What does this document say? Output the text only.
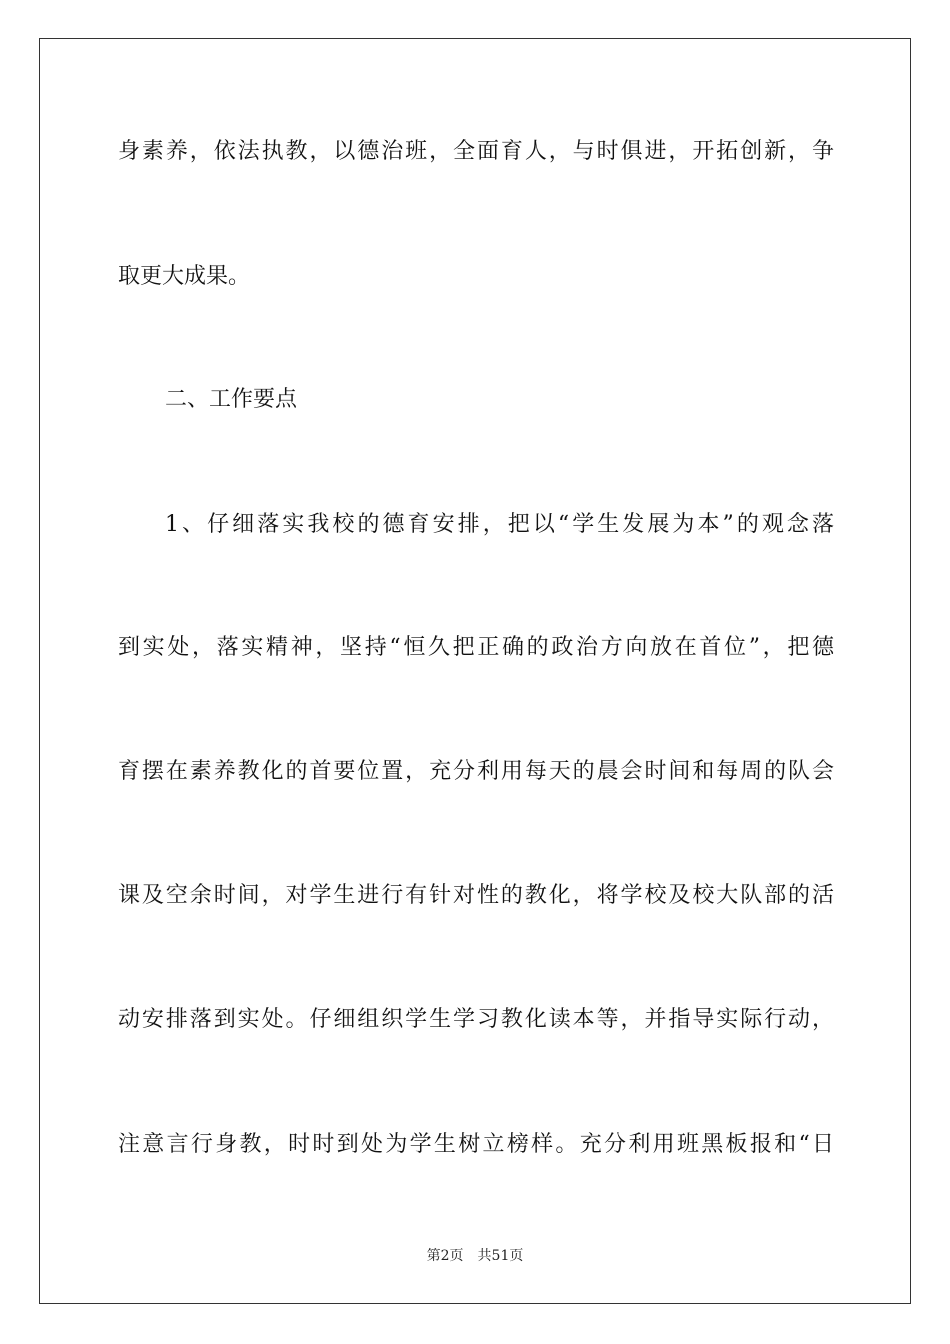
身素养，依法执教，以德治班，全面育人，与时俱进，开拓创新，争
取更大成果。
二、工作要点
1、仔细落实我校的德育安排，把以“学生发展为本”的观念落
到实处，落实精神，坚持“恒久把正确的政治方向放在首位”，把德
育摆在素养教化的首要位置，充分利用每天的晨会时间和每周的队会
课及空余时间，对学生进行有针对性的教化，将学校及校大队部的活
动安排落到实处。仔细组织学生学习教化读本等，并指导实际行动，
注意言行身教，时时到处为学生树立榜样。充分利用班黑板报和“日
第2页 共51页
